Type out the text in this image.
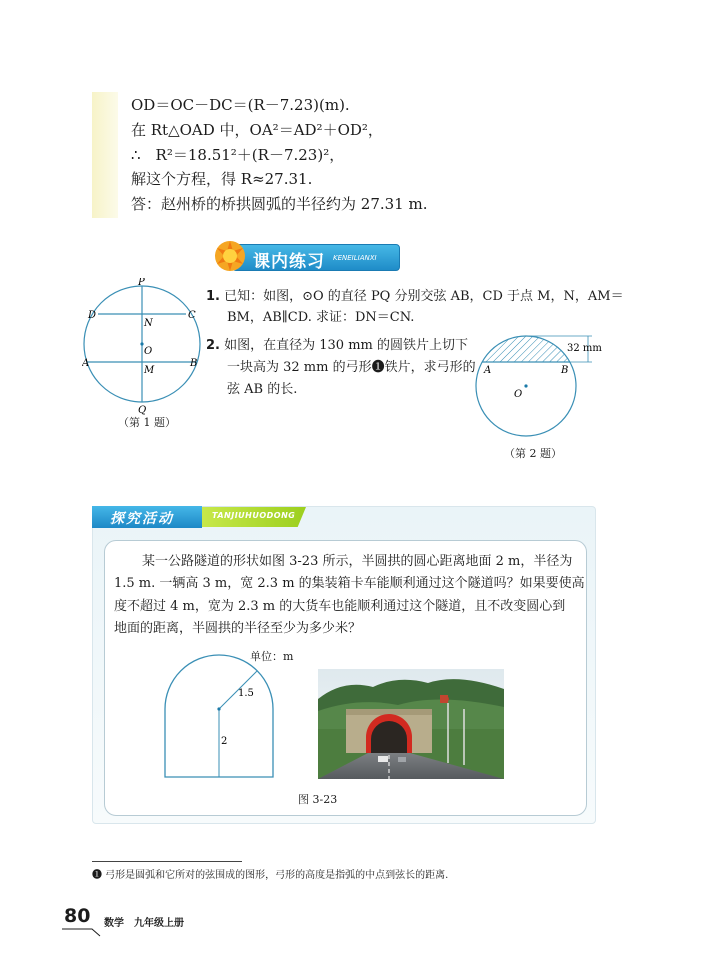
OD＝OC－DC＝(R－7.23)(m).
在 Rt△OAD 中，OA²＝AD²＋OD²，
∴　R²＝18.51²＋(R－7.23)²，
解这个方程，得 R≈27.31.
答：赵州桥的桥拱圆弧的半径约为 27.31 m.
课内练习 KENEILIANXI
P
Q
D	C
N
O
A	B
M
（第 1 题）
1. 已知：如图，⊙O 的直径 PQ 分别交弦 AB，CD 于点 M，N，AM＝
BM，AB∥CD. 求证：DN＝CN.
2. 如图，在直径为 130 mm 的圆铁片上切下
一块高为 32 mm 的弓形❶铁片，求弓形的
弦 AB 的长.
32 mm
A	B
O
（第 2 题）
探究活动	TANJIUHUODONG
某一公路隧道的形状如图 3-23 所示，半圆拱的圆心距离地面 2 m，半径为
1.5 m. 一辆高 3 m，宽 2.3 m 的集装箱卡车能顺利通过这个隧道吗？如果要使高
度不超过 4 m，宽为 2.3 m 的大货车也能顺利通过这个隧道，且不改变圆心到
地面的距离，半圆拱的半径至少为多少米？
1.5
2
单位：m
图 3-23
❶ 弓形是圆弧和它所对的弦围成的图形，弓形的高度是指弧的中点到弦长的距离.
80 数学　九年级上册
